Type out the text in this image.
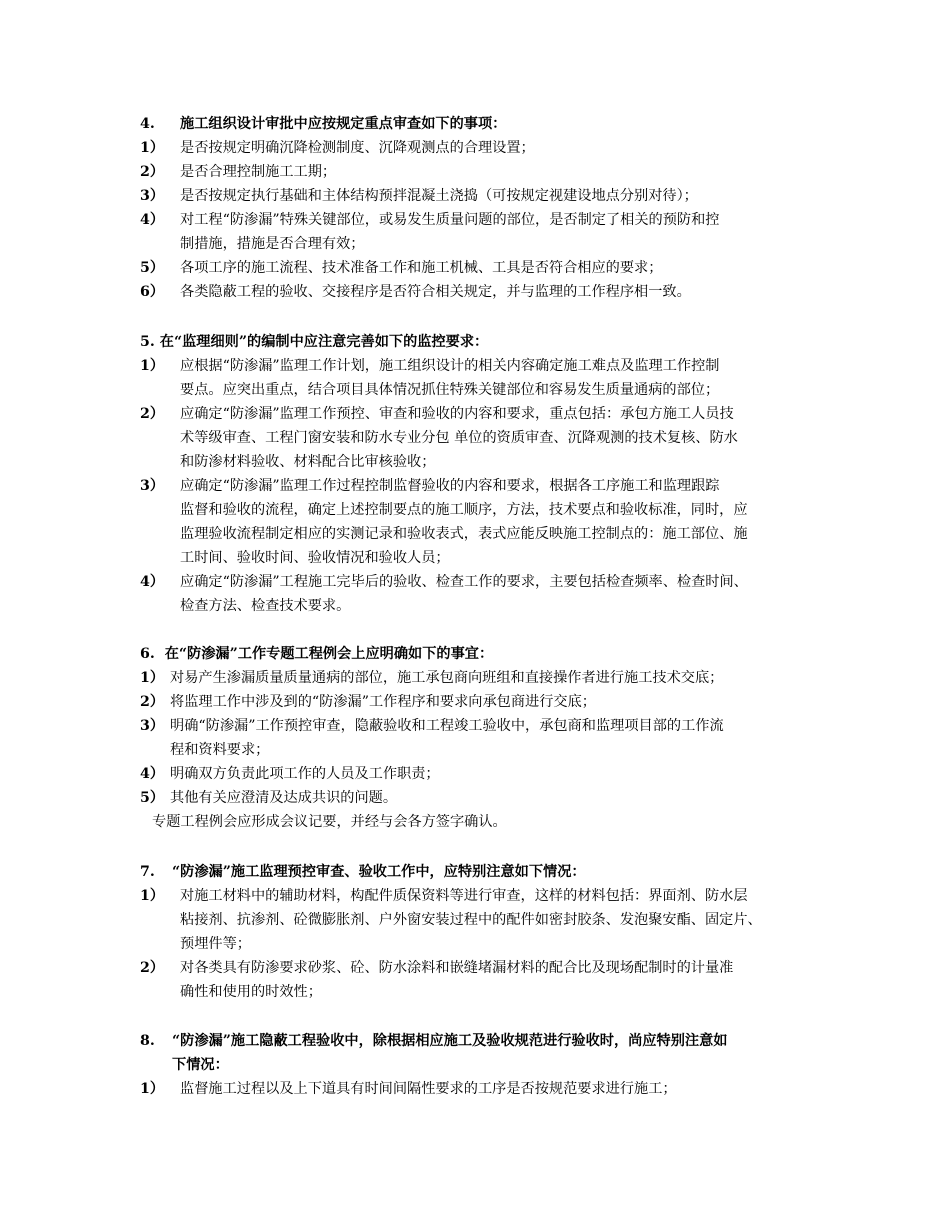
4. 施工组织设计审批中应按规定重点审查如下的事项：
1） 是否按规定明确沉降检测制度、沉降观测点的合理设置；
2） 是否合理控制施工工期；
3） 是否按规定执行基础和主体结构预拌混凝土浇捣（可按规定视建设地点分别对待）；
4） 对工程“防渗漏”特殊关键部位，或易发生质量问题的部位，是否制定了相关的预防和控
制措施，措施是否合理有效；
5） 各项工序的施工流程、技术准备工作和施工机械、工具是否符合相应的要求；
6） 各类隐蔽工程的验收、交接程序是否符合相关规定，并与监理的工作程序相一致。
5. 在“监理细则”的编制中应注意完善如下的监控要求：
1） 应根据“防渗漏”监理工作计划，施工组织设计的相关内容确定施工难点及监理工作控制
要点。应突出重点，结合项目具体情况抓住特殊关键部位和容易发生质量通病的部位；
2） 应确定“防渗漏”监理工作预控、审查和验收的内容和要求，重点包括：承包方施工人员技
术等级审查、工程门窗安装和防水专业分包 单位的资质审查、沉降观测的技术复核、防水
和防渗材料验收、材料配合比审核验收；
3） 应确定“防渗漏”监理工作过程控制监督验收的内容和要求，根据各工序施工和监理跟踪
监督和验收的流程，确定上述控制要点的施工顺序，方法，技术要点和验收标准，同时，应
监理验收流程制定相应的实测记录和验收表式，表式应能反映施工控制点的：施工部位、施
工时间、验收时间、验收情况和验收人员；
4） 应确定“防渗漏”工程施工完毕后的验收、检查工作的要求，主要包括检查频率、检查时间、
检查方法、检查技术要求。
6. 在“防渗漏”工作专题工程例会上应明确如下的事宜：
1） 对易产生渗漏质量质量通病的部位，施工承包商向班组和直接操作者进行施工技术交底；
2） 将监理工作中涉及到的“防渗漏”工作程序和要求向承包商进行交底；
3） 明确“防渗漏”工作预控审查，隐蔽验收和工程竣工验收中，承包商和监理项目部的工作流
程和资料要求；
4） 明确双方负责此项工作的人员及工作职责；
5） 其他有关应澄清及达成共识的问题。
专题工程例会应形成会议记要，并经与会各方签字确认。
7. “防渗漏”施工监理预控审查、验收工作中，应特别注意如下情况：
1） 对施工材料中的辅助材料，构配件质保资料等进行审查，这样的材料包括：界面剂、防水层
粘接剂、抗渗剂、砼微膨胀剂、户外窗安装过程中的配件如密封胶条、发泡聚安酯、固定片、
预埋件等；
2） 对各类具有防渗要求砂浆、砼、防水涂料和嵌缝堵漏材料的配合比及现场配制时的计量准
确性和使用的时效性；
8. “防渗漏”施工隐蔽工程验收中，除根据相应施工及验收规范进行验收时，尚应特别注意如
下情况：
1） 监督施工过程以及上下道具有时间间隔性要求的工序是否按规范要求进行施工；
